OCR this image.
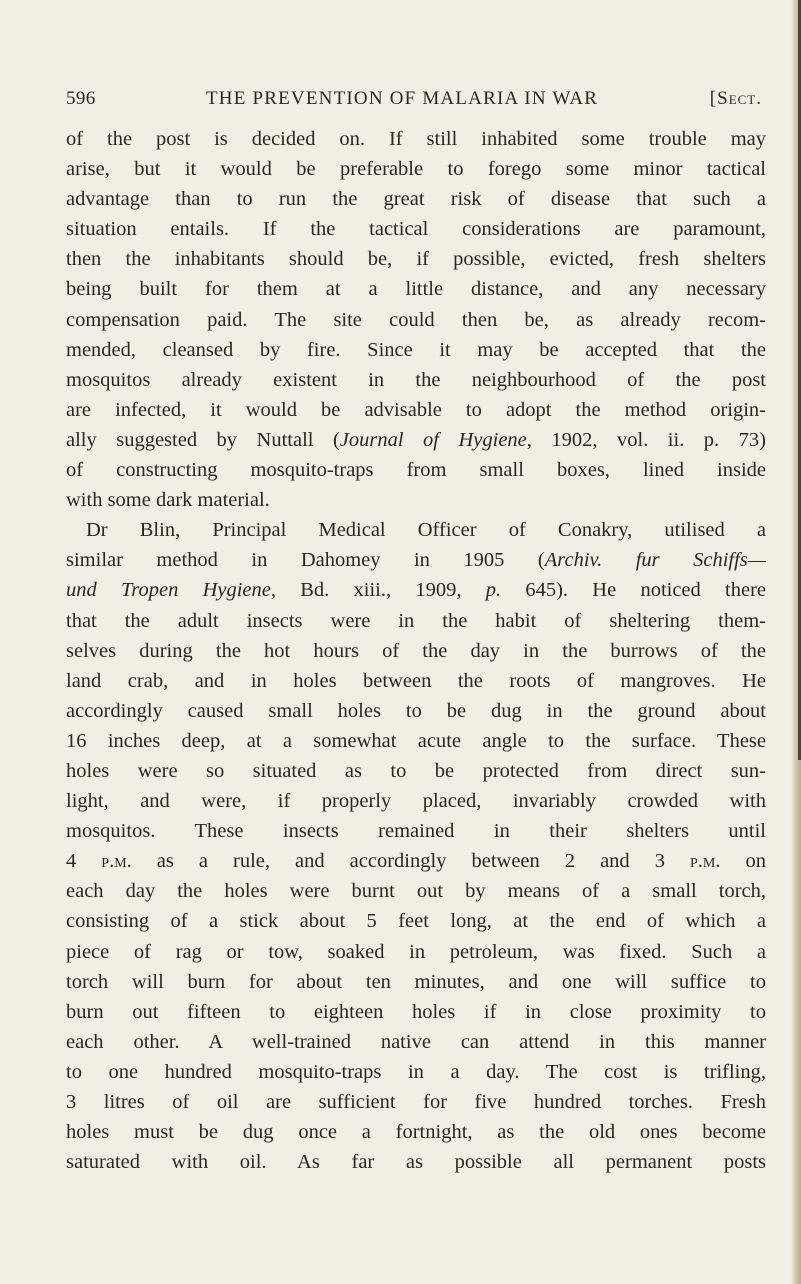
596	THE PREVENTION OF MALARIA IN WAR	[Sect.
of the post is decided on. If still inhabited some trouble may
arise, but it would be preferable to forego some minor tactical
advantage than to run the great risk of disease that such a
situation entails. If the tactical considerations are paramount,
then the inhabitants should be, if possible, evicted, fresh shelters
being built for them at a little distance, and any necessary
compensation paid. The site could then be, as already recom-
mended, cleansed by fire. Since it may be accepted that the
mosquitos already existent in the neighbourhood of the post
are infected, it would be advisable to adopt the method origin-
ally suggested by Nuttall (Journal of Hygiene, 1902, vol. ii. p. 73)
of constructing mosquito-traps from small boxes, lined inside
with some dark material.
Dr Blin, Principal Medical Officer of Conakry, utilised a
similar method in Dahomey in 1905 (Archiv. fur Schiffs—
und Tropen Hygiene, Bd. xiii., 1909, p. 645). He noticed there
that the adult insects were in the habit of sheltering them-
selves during the hot hours of the day in the burrows of the
land crab, and in holes between the roots of mangroves. He
accordingly caused small holes to be dug in the ground about
16 inches deep, at a somewhat acute angle to the surface. These
holes were so situated as to be protected from direct sun-
light, and were, if properly placed, invariably crowded with
mosquitos. These insects remained in their shelters until
4 p.m. as a rule, and accordingly between 2 and 3 p.m. on
each day the holes were burnt out by means of a small torch,
consisting of a stick about 5 feet long, at the end of which a
piece of rag or tow, soaked in petroleum, was fixed. Such a
torch will burn for about ten minutes, and one will suffice to
burn out fifteen to eighteen holes if in close proximity to
each other. A well-trained native can attend in this manner
to one hundred mosquito-traps in a day. The cost is trifling,
3 litres of oil are sufficient for five hundred torches. Fresh
holes must be dug once a fortnight, as the old ones become
saturated with oil. As far as possible all permanent posts
